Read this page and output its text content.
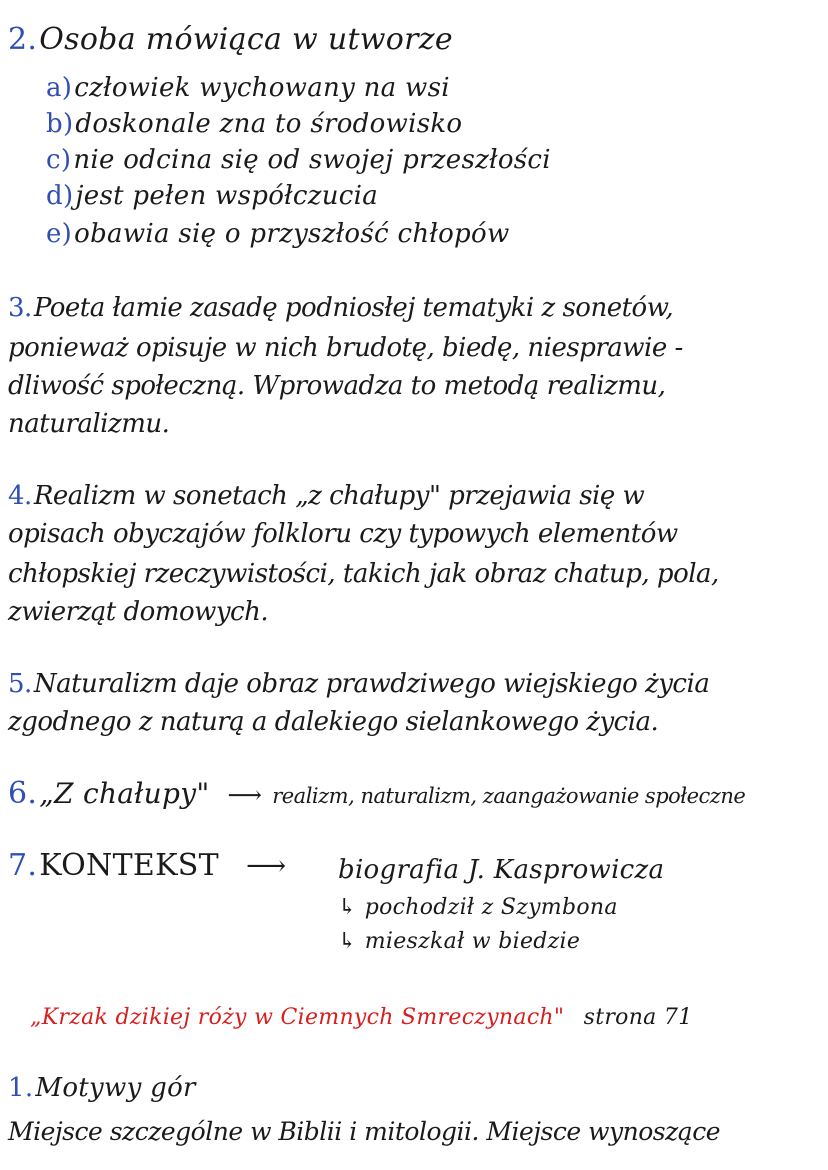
2.Osoba mówiąca w utworze
a)człowiek wychowany na wsi
b)doskonale zna to środowisko
c)nie odcina się od swojej przeszłości
d)jest pełen współczucia
e)obawia się o przyszłość chłopów
3.Poeta łamie zasadę podniosłej tematyki z sonetów,
ponieważ opisuje w nich brudotę, biedę, niesprawie -
dliwość społeczną. Wprowadza to metodą realizmu,
naturalizmu.
4.Realizm w sonetach „z chałupy" przejawia się w
opisach obyczajów folkloru czy typowych elementów
chłopskiej rzeczywistości, takich jak obraz chatup, pola,
zwierząt domowych.
5.Naturalizm daje obraz prawdziwego wiejskiego życia
zgodnego z naturą a dalekiego sielankowego życia.
6.„Z chałupy" ⟶ realizm, naturalizm, zaangażowanie społeczne
7.KONTEKST ⟶ biografia J. Kasprowicza
↳ pochodził z Szymbona
↳ mieszkał w biedzie
„Krzak dzikiej róży w Ciemnych Smreczynach" strona 71
1.Motywy gór
Miejsce szczególne w Biblii i mitologii. Miejsce wynoszące
